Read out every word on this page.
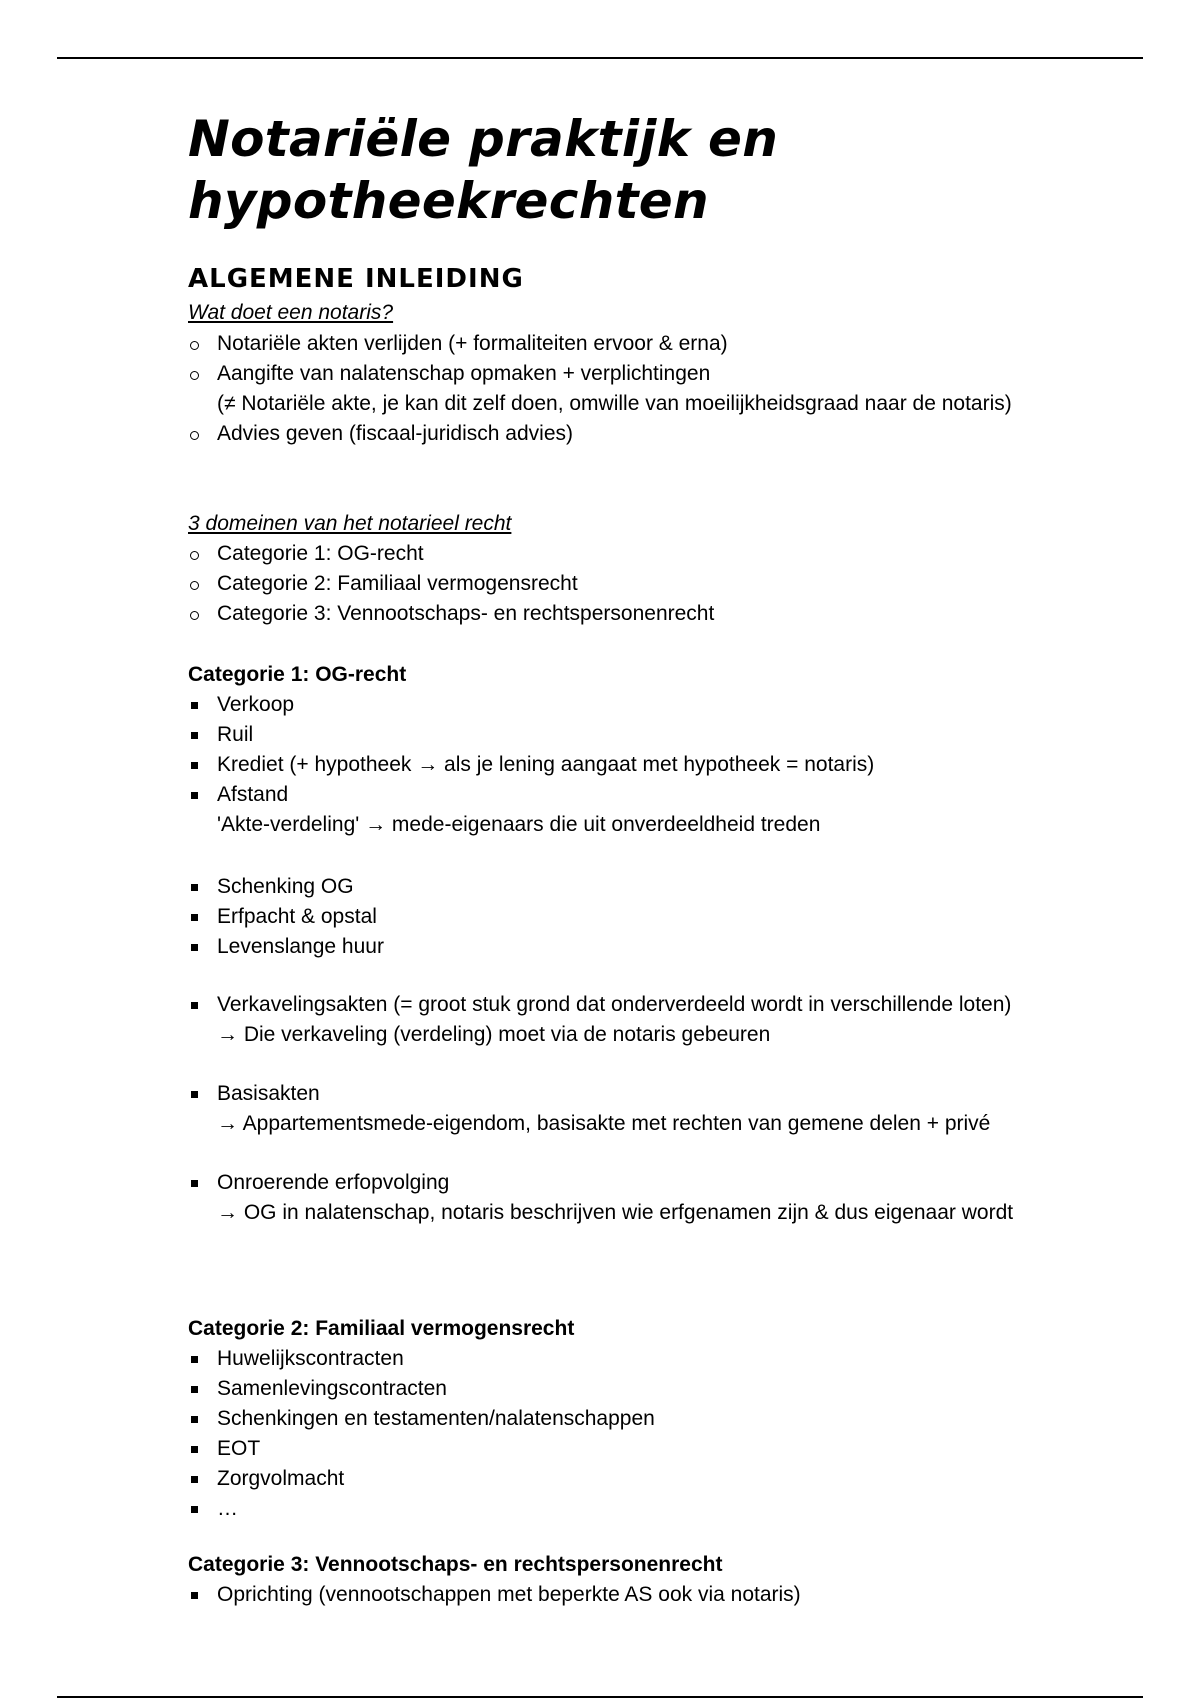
Notariële praktijk en hypotheekrechten
ALGEMENE INLEIDING
Wat doet een notaris?
Notariële akten verlijden (+ formaliteiten ervoor & erna)
Aangifte van nalatenschap opmaken + verplichtingen
(≠ Notariële akte, je kan dit zelf doen, omwille van moeilijkheidsgraad naar de notaris)
Advies geven (fiscaal-juridisch advies)
3 domeinen van het notarieel recht
Categorie 1: OG-recht
Categorie 2: Familiaal vermogensrecht
Categorie 3: Vennootschaps- en rechtspersonenrecht
Categorie 1: OG-recht
Verkoop
Ruil
Krediet (+ hypotheek → als je lening aangaat met hypotheek = notaris)
Afstand
'Akte-verdeling' → mede-eigenaars die uit onverdeeldheid treden
Schenking OG
Erfpacht & opstal
Levenslange huur
Verkavelingsakten (= groot stuk grond dat onderverdeeld wordt in verschillende loten)
→ Die verkaveling (verdeling) moet via de notaris gebeuren
Basisakten
→ Appartementsmede-eigendom, basisakte met rechten van gemene delen + privé
Onroerende erfopvolging
→ OG in nalatenschap, notaris beschrijven wie erfgenamen zijn & dus eigenaar wordt
Categorie 2: Familiaal vermogensrecht
Huwelijkscontracten
Samenlevingscontracten
Schenkingen en testamenten/nalatenschappen
EOT
Zorgvolmacht
…
Categorie 3: Vennootschaps- en rechtspersonenrecht
Oprichting (vennootschappen met beperkte AS ook via notaris)
